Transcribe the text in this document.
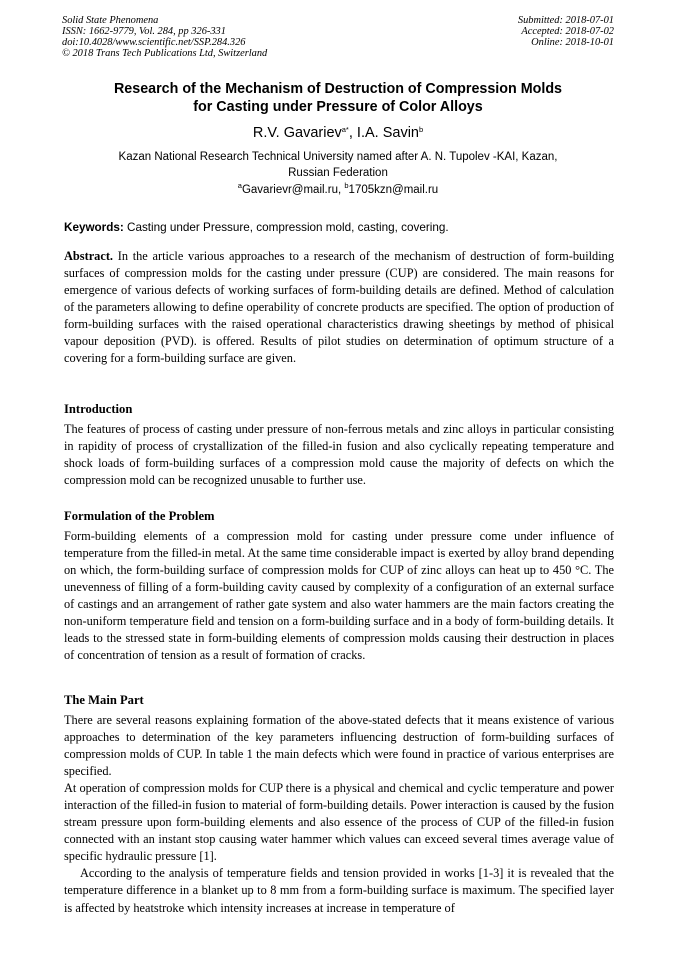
Solid State Phenomena
ISSN: 1662-9779, Vol. 284, pp 326-331
doi:10.4028/www.scientific.net/SSP.284.326
© 2018 Trans Tech Publications Ltd, Switzerland
Submitted: 2018-07-01
Accepted: 2018-07-02
Online: 2018-10-01
Research of the Mechanism of Destruction of Compression Molds
for Casting under Pressure of Color Alloys
R.V. Gavariev$^{a*}$, I.A. Savin$^b$
Kazan National Research Technical University named after A. N. Tupolev -KAI, Kazan,
Russian Federation
$^a$Gavarievr@mail.ru, $^b$1705kzn@mail.ru
Keywords: Casting under Pressure, compression mold, casting, covering.

Abstract. In the article various approaches to a research of the mechanism of destruction of form-building surfaces of compression molds for the casting under pressure (CUP) are considered. The main reasons for emergence of various defects of working surfaces of form-building details are defined. Method of calculation of the parameters allowing to define operability of concrete products are specified. The option of production of form-building surfaces with the raised operational characteristics drawing sheetings by method of phisical vapour deposition (PVD). is offered. Results of pilot studies on determination of optimum structure of a covering for a form-building surface are given.

Introduction

The features of process of casting under pressure of non-ferrous metals and zinc alloys in particular consisting in rapidity of process of crystallization of the filled-in fusion and also cyclically repeating temperature and shock loads of form-building surfaces of a compression mold cause the majority of defects on which the compression mold can be recognized unusable to further use.

Formulation of the Problem

Form-building elements of a compression mold for casting under pressure come under influence of temperature from the filled-in metal. At the same time considerable impact is exerted by alloy brand depending on which, the form-building surface of compression molds for CUP of zinc alloys can heat up to 450 °C. The unevenness of filling of a form-building cavity caused by complexity of a configuration of an external surface of castings and an arrangement of rather gate system and also water hammers are the main factors creating the non-uniform temperature field and tension on a form-building surface and in a body of form-building details. It leads to the stressed state in form-building elements of compression molds causing their destruction in places of concentration of tension as a result of formation of cracks.

The Main Part

There are several reasons explaining formation of the above-stated defects that it means existence of various approaches to determination of the key parameters influencing destruction of form-building surfaces of compression molds of CUP. In table 1 the main defects which were found in practice of various enterprises are specified.

At operation of compression molds for CUP there is a physical and chemical and cyclic temperature and power interaction of the filled-in fusion to material of form-building details. Power interaction is caused by the fusion stream pressure upon form-building elements and also essence of the process of CUP of the filled-in fusion connected with an instant stop causing water hammer which values can exceed several times average value of specific hydraulic pressure [1].

According to the analysis of temperature fields and tension provided in works [1-3] it is revealed that the temperature difference in a blanket up to 8 mm from a form-building surface is maximum. The specified layer is affected by heatstroke which intensity increases at increase in temperature of
